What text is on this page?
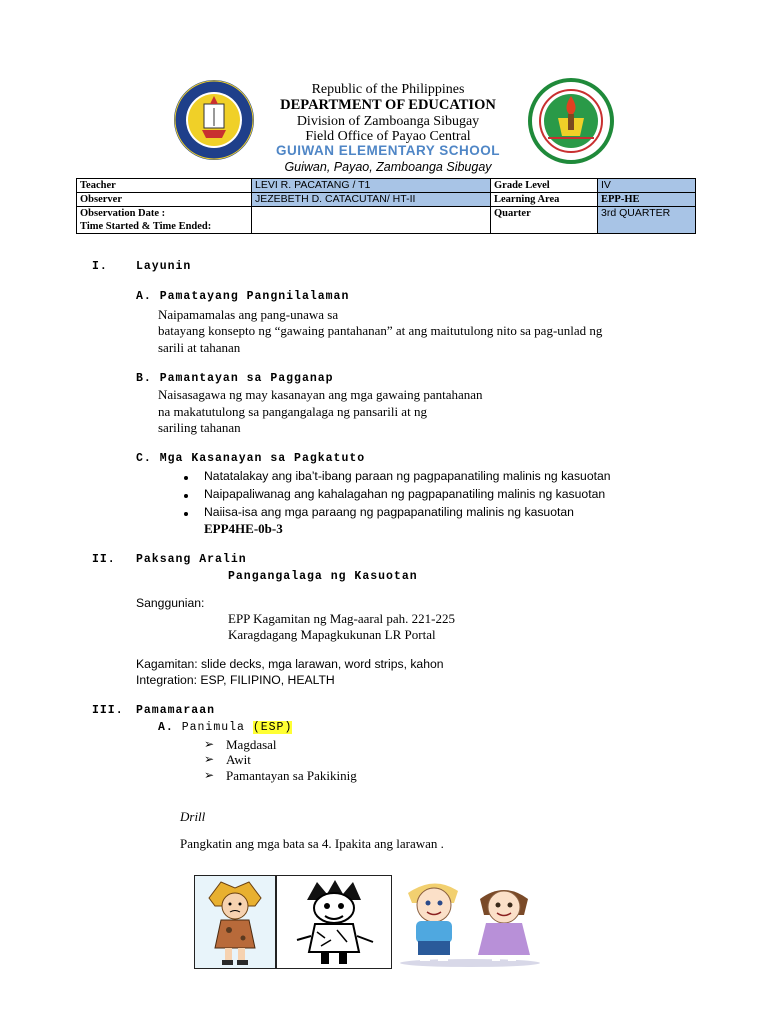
Republic of the Philippines
DEPARTMENT OF EDUCATION
Division of Zamboanga Sibugay
Field Office of Payao Central
GUIWAN ELEMENTARY SCHOOL
Guiwan, Payao, Zamboanga Sibugay
Teacher	LEVI R. PACATANG / T1	Grade Level	IV
Observer	JEZEBETH D. CATACUTAN/ HT-II	Learning Area	EPP-HE

Observation Date :
Time Started & Time Ended:		Quarter	3rd QUARTER
I. Layunin
A. Pamatayang Pangnilalaman
Naipamamalas ang pang-unawa sa
batayang konsepto ng “gawaing pantahanan” at ang maitutulong nito sa pag-unlad ng
sarili at tahanan
B. Pamantayan sa Pagganap
Naisasagawa ng may kasanayan ang mga gawaing pantahanan
na makatutulong sa pangangalaga ng pansarili at ng
sariling tahanan
C. Mga Kasanayan sa Pagkatuto
Natatalakay ang iba’t-ibang paraan ng pagpapanatiling malinis ng kasuotan
Naipapaliwanag ang kahalagahan ng pagpapanatiling malinis ng kasuotan
Naiisa-isa ang mga paraang ng pagpapanatiling malinis ng kasuotan
EPP4HE-0b-3
II. Paksang Aralin
Pangangalaga ng Kasuotan
Sanggunian:
EPP Kagamitan ng Mag-aaral pah. 221-225
Karagdagang Mapagkukunan LR Portal
Kagamitan: slide decks, mga larawan, word strips, kahon
Integration: ESP, FILIPINO, HEALTH
III. Pamamaraan
A. Panimula (ESP)
➢ Magdasal
➢ Awit
➢ Pamantayan sa Pakikinig
Drill
Pangkatin ang mga bata sa 4. Ipakita ang larawan .
